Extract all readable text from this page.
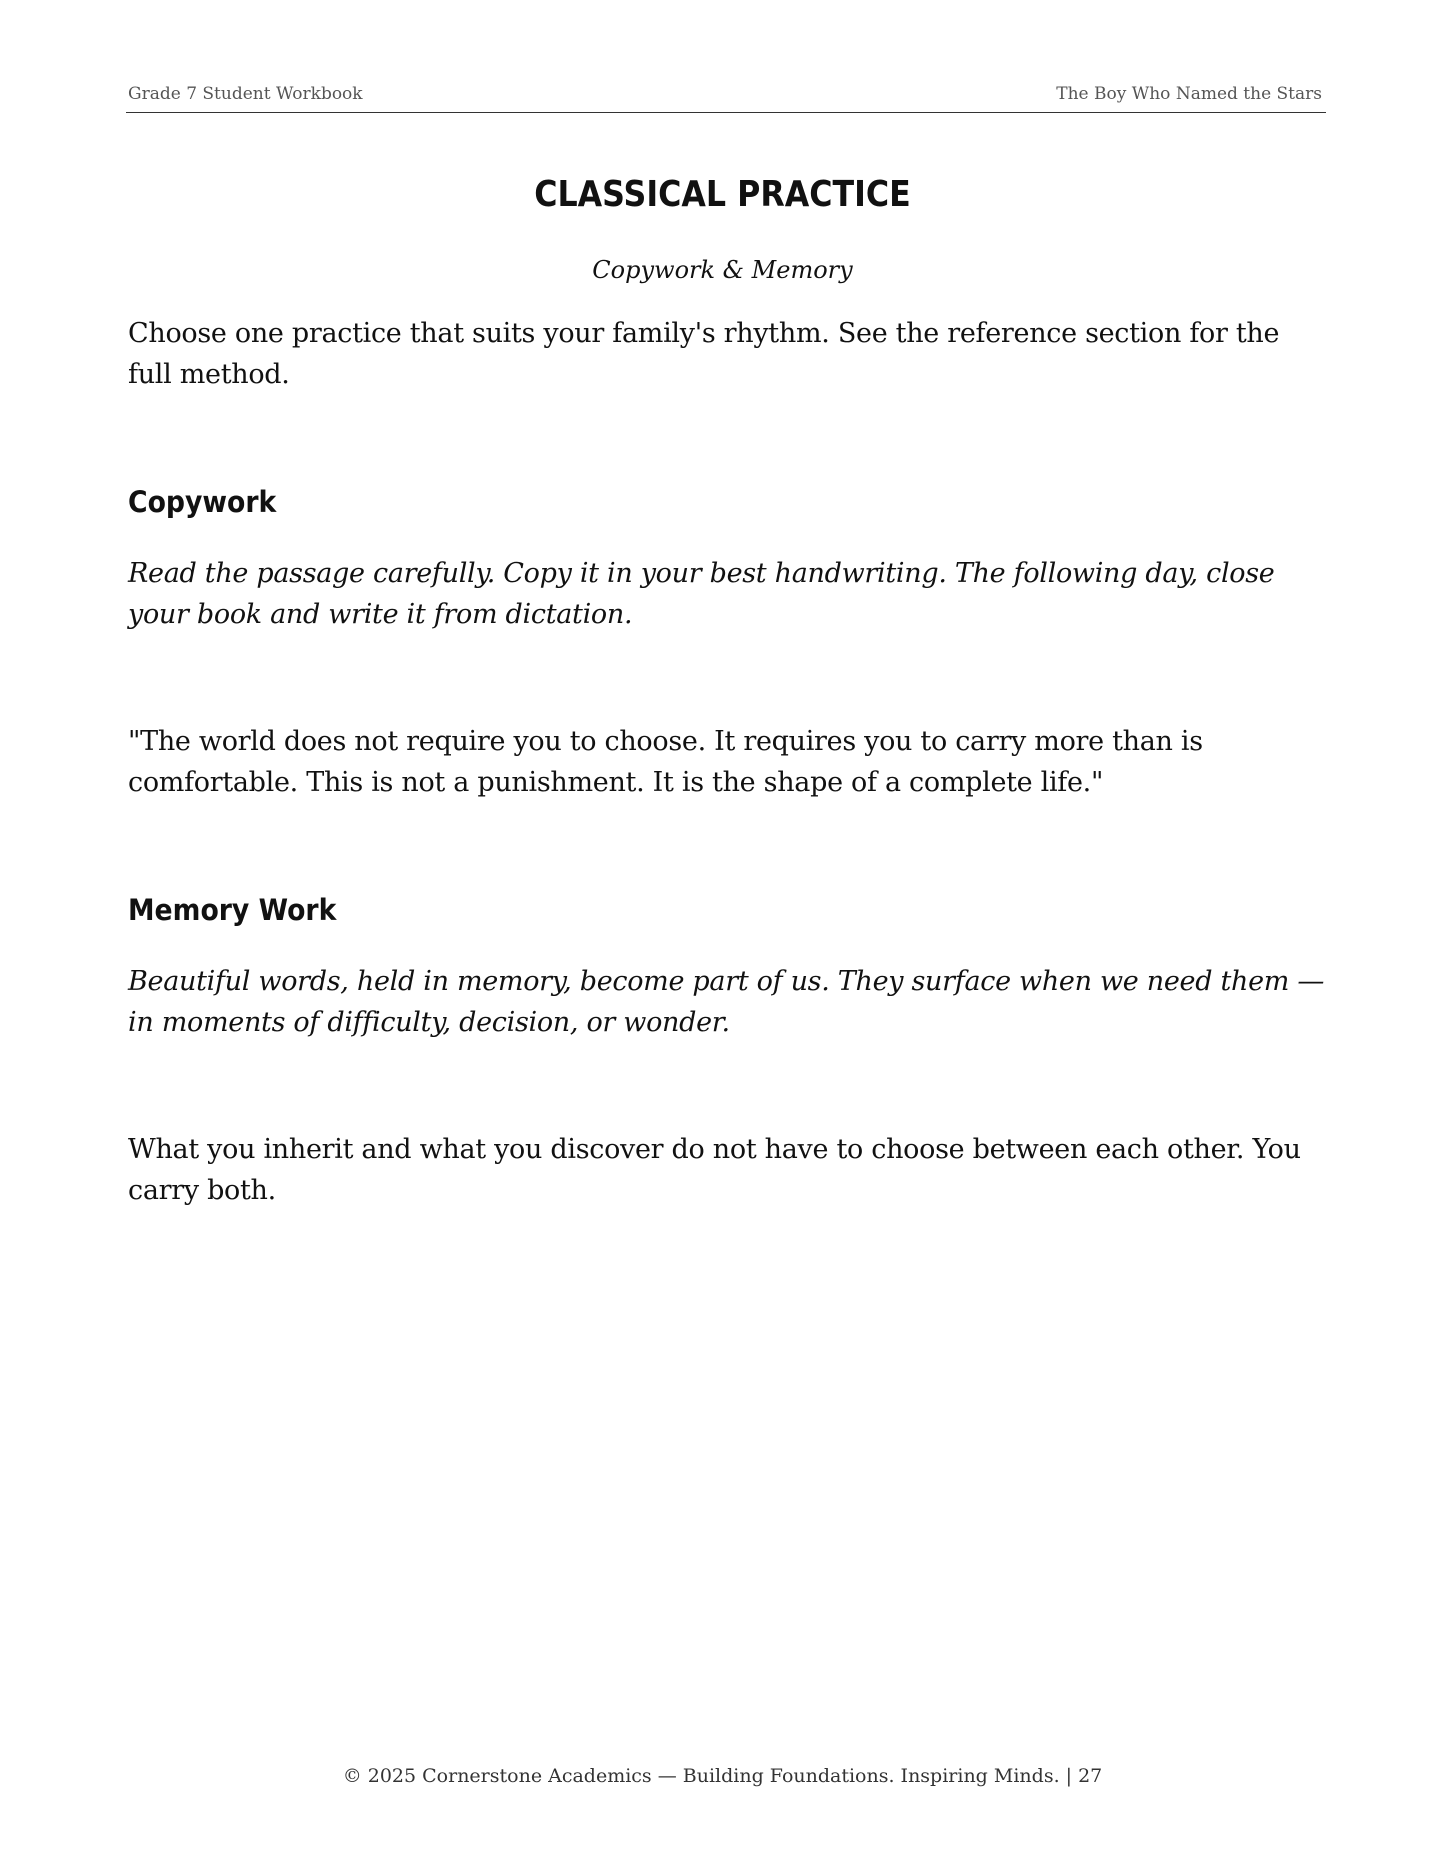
Grade 7 Student Workbook	The Boy Who Named the Stars
CLASSICAL PRACTICE
Copywork & Memory
Choose one practice that suits your family's rhythm. See the reference section for the full method.
Copywork
Read the passage carefully. Copy it in your best handwriting. The following day, close your book and write it from dictation.
"The world does not require you to choose. It requires you to carry more than is comfortable. This is not a punishment. It is the shape of a complete life."
Memory Work
Beautiful words, held in memory, become part of us. They surface when we need them — in moments of difficulty, decision, or wonder.
What you inherit and what you discover do not have to choose between each other. You carry both.
© 2025 Cornerstone Academics — Building Foundations. Inspiring Minds. | 27
